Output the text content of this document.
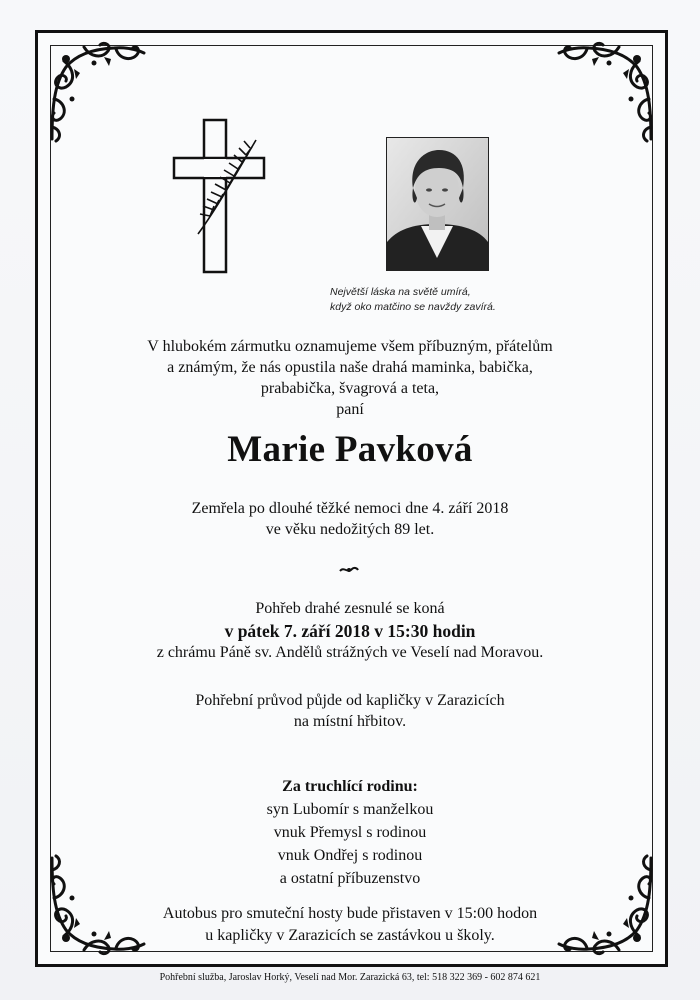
Největší láska na světě umírá,
když oko matčino se navždy zavírá.
V hlubokém zármutku oznamujeme všem příbuzným, přátelům
a známým, že nás opustila naše drahá maminka, babička,
prababička, švagrová a teta,
paní
Marie Pavková
Zemřela po dlouhé těžké nemoci dne 4. září 2018
ve věku nedožitých 89 let.
Pohřeb drahé zesnulé se koná
v pátek 7. září 2018 v 15:30 hodin
z chrámu Páně sv. Andělů strážných ve Veselí nad Moravou.
Pohřební průvod půjde od kapličky v Zarazicích
na místní hřbitov.
Za truchlící rodinu:
syn Lubomír s manželkou
vnuk Přemysl s rodinou
vnuk Ondřej s rodinou
a ostatní příbuzenstvo
Autobus pro smuteční hosty bude přistaven v 15:00 hodon
u kapličky v Zarazicích se zastávkou u školy.
Pohřební služba, Jaroslav Horký, Veselí nad Mor. Zarazická 63, tel: 518 322 369 - 602 874 621
